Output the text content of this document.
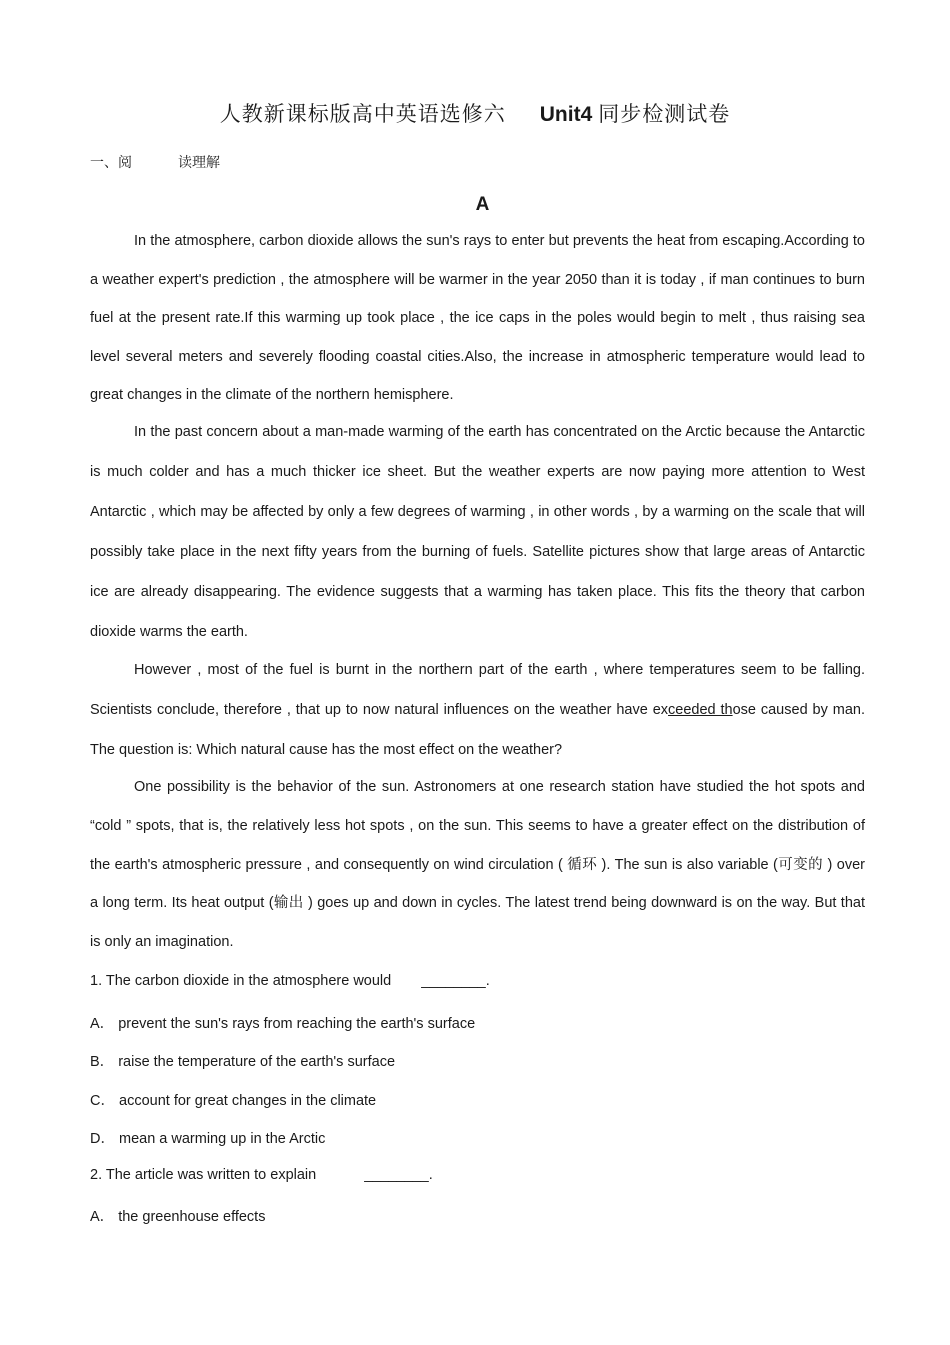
人教新课标版高中英语选修六 Unit4 同步检测试卷
一、阅	读理解
A

In the atmosphere, carbon dioxide allows the sun's rays to enter but prevents the heat from escaping.According to a weather expert's prediction , the atmosphere will be warmer in the year 2050 than it is today , if man continues to burn fuel at the present rate.If this warming up took place , the ice caps in the poles would begin to melt , thus raising sea level several meters and severely flooding coastal cities.Also, the increase in atmospheric temperature would lead to great changes in the climate of the northern hemisphere.

In the past concern about a man-made warming of the earth has concentrated on the Arctic because the Antarctic is much colder and has a much thicker ice sheet. But the weather experts are now paying more attention to West Antarctic , which may be affected by only a few degrees of warming , in other words , by a warming on the scale that will possibly take place in the next fifty years from the burning of fuels. Satellite pictures show that large areas of Antarctic ice are already disappearing. The evidence suggests that a warming has taken place. This fits the theory that carbon dioxide warms the earth.

However , most of the fuel is burnt in the northern part of the earth , where temperatures seem to be falling. Scientists conclude, therefore , that up to now natural influences on the weather have exceeded those caused by man. The question is: Which natural cause has the most effect on the weather?

One possibility is the behavior of the sun. Astronomers at one research station have studied the hot spots and “cold ” spots, that is, the relatively less hot spots , on the sun. This seems to have a greater effect on the distribution of the earth's atmospheric pressure , and consequently on wind circulation ( 循环 ). The sun is also variable (可变的 ) over a long term. Its heat output (输出 ) goes up and down in cycles. The latest trend being downward is on the way. But that is only an imagination.

1. The carbon dioxide in the atmosphere would ________.
A． prevent the sun's rays from reaching the earth's surface
B． raise the temperature of the earth's surface
C． account for great changes in the climate
D． mean a warming up in the Arctic
2. The article was written to explain	________.
A． the greenhouse effects
